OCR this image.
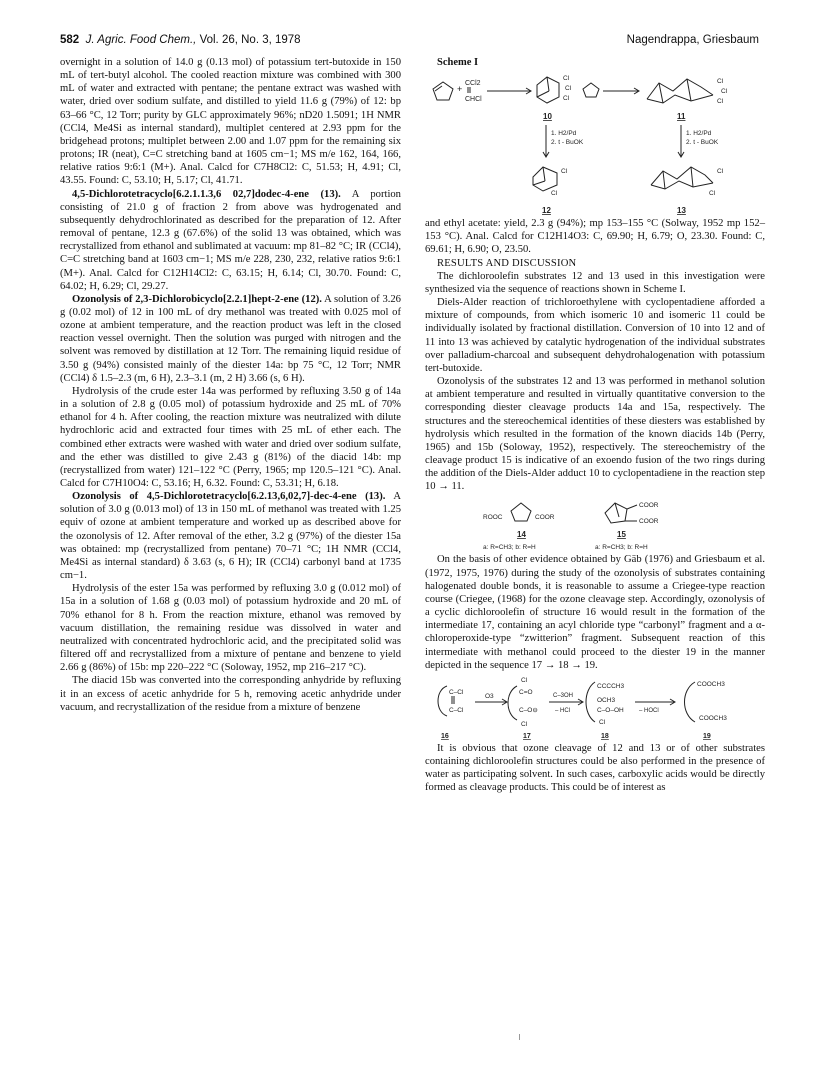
582 J. Agric. Food Chem., Vol. 26, No. 3, 1978	Nagendrappa, Griesbaum

overnight in a solution of 14.0 g (0.13 mol) of potassium tert-butoxide in 150 mL of tert-butyl alcohol. The cooled reaction mixture was combined with 300 mL of water and extracted with pentane; the pentane extract was washed with water, dried over sodium sulfate, and distilled to yield 11.6 g (79%) of 12: bp 63–66 °C, 12 Torr; purity by GLC approximately 96%; nD20 1.5091; 1H NMR (CCl4, Me4Si as internal standard), multiplet centered at 2.93 ppm for the bridgehead protons; multiplet between 2.00 and 1.07 ppm for the remaining six protons; IR (neat), C=C stretching band at 1605 cm−1; MS m/e 162, 164, 166, relative ratios 9:6:1 (M+). Anal. Calcd for C7H8Cl2: C, 51.53; H, 4.91; Cl, 43.55. Found: C, 53.10; H, 5.17; Cl, 41.71.

4,5-Dichlorotetracyclo[6.2.1.1.3,6 02,7]dodec-4-ene (13). A portion consisting of 21.0 g of fraction 2 from above was hydrogenated and subsequently dehydrochlorinated as described for the preparation of 12. After removal of pentane, 12.3 g (67.6%) of the solid 13 was obtained, which was recrystallized from ethanol and sublimated at vacuum: mp 81–82 °C; IR (CCl4), C=C stretching band at 1603 cm−1; MS m/e 228, 230, 232, relative ratios 9:6:1 (M+). Anal. Calcd for C12H14Cl2: C, 63.15; H, 6.14; Cl, 30.70. Found: C, 64.02; H, 6.29; Cl, 29.27.

Ozonolysis of 2,3-Dichlorobicyclo[2.2.1]hept-2-ene (12). A solution of 3.26 g (0.02 mol) of 12 in 100 mL of dry methanol was treated with 0.025 mol of ozone at ambient temperature, and the reaction product was left in the closed reaction vessel overnight. Then the solution was purged with nitrogen and the solvent was removed by distillation at 12 Torr. The remaining liquid residue of 3.50 g (94%) consisted mainly of the diester 14a: bp 75 °C, 12 Torr; NMR (CCl4) δ 1.5–2.3 (m, 6 H), 2.3–3.1 (m, 2 H) 3.66 (s, 6 H).

Hydrolysis of the crude ester 14a was performed by refluxing 3.50 g of 14a in a solution of 2.8 g (0.05 mol) of potassium hydroxide and 25 mL of 70% ethanol for 4 h. After cooling, the reaction mixture was neutralized with dilute hydrochloric acid and extracted four times with 25 mL of ether each. The combined ether extracts were washed with water and dried over sodium sulfate, and the ether was distilled to give 2.43 g (81%) of the diacid 14b: mp (recrystallized from water) 121–122 °C (Perry, 1965; mp 120.5–121 °C). Anal. Calcd for C7H10O4: C, 53.16; H, 6.32. Found: C, 53.31; H, 6.18.

Ozonolysis of 4,5-Dichlorotetracyclo[6.2.13,6,02,7]-dec-4-ene (13). A solution of 3.0 g (0.013 mol) of 13 in 150 mL of methanol was treated with 1.25 equiv of ozone at ambient temperature and worked up as described above for the ozonolysis of 12. After removal of the ether, 3.2 g (97%) of the diester 15a was obtained: mp (recrystallized from pentane) 70–71 °C; 1H NMR (CCl4, Me4Si as internal standard) δ 3.63 (s, 6 H); IR (CCl4) carbonyl band at 1735 cm−1.

Hydrolysis of the ester 15a was performed by refluxing 3.0 g (0.012 mol) of 15a in a solution of 1.68 g (0.03 mol) of potassium hydroxide and 20 mL of 70% ethanol for 8 h. From the reaction mixture, ethanol was removed by vacuum distillation, the remaining residue was dissolved in water and neutralized with concentrated hydrochloric acid, and the precipitated solid was filtered off and recrystallized from a mixture of pentane and benzene to yield 2.66 g (86%) of 15b: mp 220–222 °C (Soloway, 1952, mp 216–217 °C).

The diacid 15b was converted into the corresponding anhydride by refluxing it in an excess of acetic anhydride for 5 h, removing acetic anhydride under vacuum, and recrystallization of the residue from a mixture of benzene

Scheme I

+
CCl2
CHCl
Cl
Cl
Cl
Cl
Cl
Cl
10	11
1. H2/Pd
2. t - BuOK
1. H2/Pd
2. t - BuOK
Cl
Cl
Cl
Cl
12	13

and ethyl acetate: yield, 2.3 g (94%); mp 153–155 °C (Solway, 1952 mp 152–153 °C). Anal. Calcd for C12H14O3: C, 69.90; H, 6.79; O, 23.30. Found: C, 69.61; H, 6.90; O, 23.50.

RESULTS AND DISCUSSION

The dichloroolefin substrates 12 and 13 used in this investigation were synthesized via the sequence of reactions shown in Scheme I.

Diels-Alder reaction of trichloroethylene with cyclopentadiene afforded a mixture of compounds, from which isomeric 10 and isomeric 11 could be individually isolated by fractional distillation. Conversion of 10 into 12 and of 11 into 13 was achieved by catalytic hydrogenation of the individual substrates over palladium-charcoal and subsequent dehydrohalogenation with potassium tert-butoxide.

Ozonolysis of the substrates 12 and 13 was performed in methanol solution at ambient temperature and resulted in virtually quantitative conversion to the corresponding diester cleavage products 14a and 15a, respectively. The structures and the stereochemical identities of these diesters was established by hydrolysis which resulted in the formation of the known diacids 14b (Perry, 1965) and 15b (Soloway, 1952), respectively. The stereochemistry of the cleavage product 15 is indicative of an exoendo fusion of the two rings during the addition of the Diels-Alder adduct 10 to cyclopentadiene in the reaction step 10 → 11.

ROOC	COOR
COOR
COOR
14	15
a: R=CH3; b: R=H	a: R=CH3; b: R=H

On the basis of other evidence obtained by Gäb (1976) and Griesbaum et al. (1972, 1975, 1976) during the study of the ozonolysis of substrates containing halogenated double bonds, it is reasonable to assume a Criegee-type reaction course (Criegee, (1968) for the ozone cleavage step. Accordingly, ozonolysis of a cyclic dichloroolefin of structure 16 would result in the formation of the intermediate 17, containing an acyl chloride type “carbonyl” fragment and a α-chloroperoxide-type “zwitterion” fragment. Subsequent reaction of this intermediate with methanol could proceed to the diester 19 in the manner depicted in the sequence 17 → 18 → 19.

C–Cl
C–Cl
O3
Cl
C=O
C–O⊖
Cl
C–3OH
– HCl
CCCCH3
OCH3
C–O–OH
Cl
– HOCl
COOCH3
COOCH3
16	17	18	19

It is obvious that ozone cleavage of 12 and 13 or of other substrates containing dichloroolefin structures could be also performed in the presence of water as participating solvent. In such cases, carboxylic acids would be directly formed as cleavage products. This could be of interest as
